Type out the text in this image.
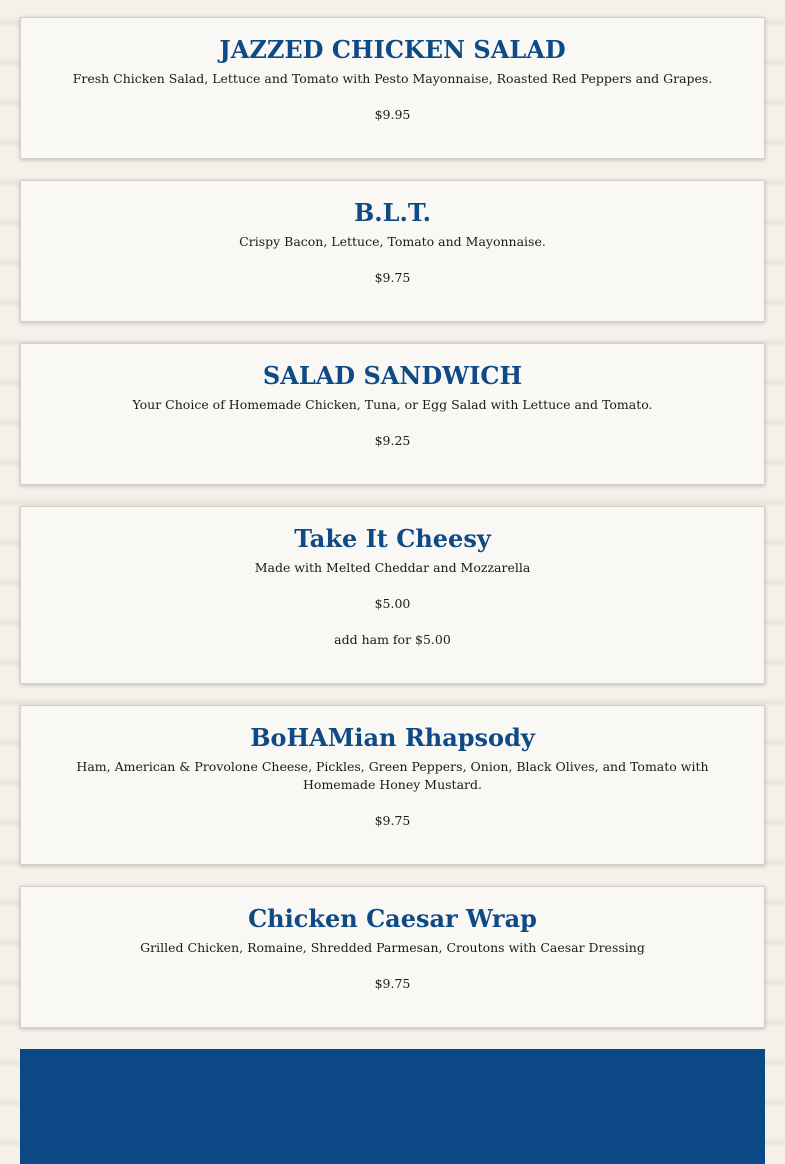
JAZZED CHICKEN SALAD

Fresh Chicken Salad, Lettuce and Tomato with Pesto Mayonnaise, Roasted Red Peppers and Grapes.

$9.95

B.L.T.

Crispy Bacon, Lettuce, Tomato and Mayonnaise.

$9.75

SALAD SANDWICH

Your Choice of Homemade Chicken, Tuna, or Egg Salad with Lettuce and Tomato.

$9.25

Take It Cheesy

Made with Melted Cheddar and Mozzarella

$5.00

add ham for $5.00

BoHAMian Rhapsody

Ham, American & Provolone Cheese, Pickles, Green Peppers, Onion, Black Olives, and Tomato with Homemade Honey Mustard.

$9.75

Chicken Caesar Wrap

Grilled Chicken, Romaine, Shredded Parmesan, Croutons with Caesar Dressing

$9.75
